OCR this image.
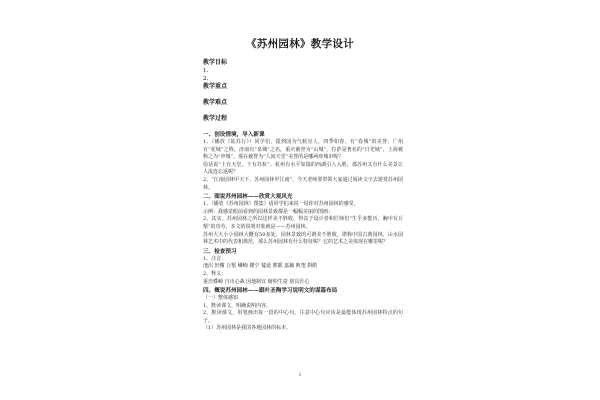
《苏州园林》教学设计
教学目标
1、
2、
教学重点
教学难点
教学过程
一、创设情境，导入新课
1、（播放《姑苏行》）同学们，提到园为气候宜人，四季如春，有“春城”的美誉；广州有“花城”之称，济南有“泉城”之名，重庆被誉为“山城”，拉萨是著名的“日光城”，上海被称之为“申城”，那在被誉为“人间天堂”美誉的是哪两座城市呢？
俗话说“上有天堂，下有苏杭”。杭州有水平如镜的西湖引人入胜，那苏州又有什么美景让人流连忘返呢？
2、“江南园林甲天下，苏州园林甲江南”，今天老师要带领大家通过阅读文字去游赏苏州园林。
二、图说苏州园林——欣赏大观风光
1、（播放《苏州园林》图集）请同学们来说一说你对苏州园林的感受。
示例：我感觉眼前看到的园林景致都是一幅幅美丽的图画；
2、其实，苏州园林之所以这样美不胜收，得益于设计者和匠师们“生乎多能历，胸中有丘壑”的功劳，本文的说明对象就是——苏州园林。
苏州大大小小园林大概有50多处，园林景致的可谓美不胜收，堪称中国古典园林，山水园林艺术中的代表和典范，那么苏州园林有什么特征呢？它的艺术之美体现在哪里呢？
三、检查预习
1、注音：
池沼 轩榭 丘壑 嶙峋 镂空 蔓延 蓄都 嘉藕 败笔 斟酌
2、释义：
重峦叠嶂 自出心裁 因地制宜 俯仰生姿 别具匠心
四、概说苏州园林——跟叶圣陶学习说明文的谋篇布局
（一）整体感知
1、默读课文，明确说明内容。
2、默读课文，用笔画出每一段的中心句，注意中心句应该是最能体现苏州园林特点的句子。
（1）苏州园林是我国各地园林的标本。
1
